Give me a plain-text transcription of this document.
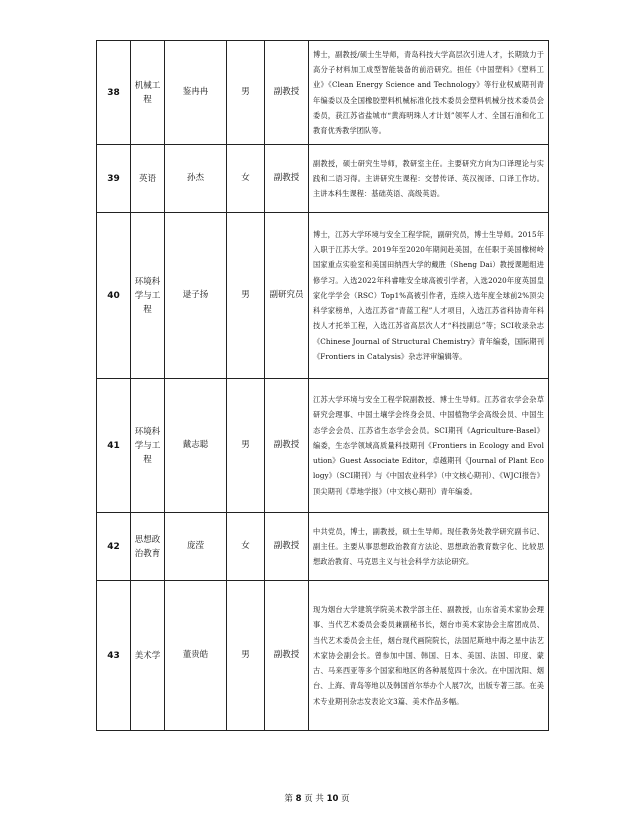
38	机械工程	鉴冉冉	男	副教授	博士，副教授/硕士生导师，青岛科技大学高层次引进人才，长期致力于高分子材料加工成型智能装备的前沿研究。担任《中国塑料》《塑料工业》《Clean Energy Science and Technology》等行业权威期刊青年编委以及全国橡胶塑料机械标准化技术委员会塑料机械分技术委员会委员，获江苏省盐城市“黄海明珠人才计划”领军人才、全国石油和化工教育优秀教学团队等。
39	英语	孙杰	女	副教授	副教授，硕士研究生导师，教研室主任。主要研究方向为口译理论与实践和二语习得。主讲研究生课程：交替传译、英汉视译、口译工作坊。主讲本科生课程：基础英语、高级英语。
40	环境科学与工程	逯子扬	男	副研究员	博士，江苏大学环境与安全工程学院，副研究员，博士生导师。2015年入职于江苏大学。2019年至2020年期间赴美国，在任职于美国橡树岭国家重点实验室和美国田纳西大学的戴胜（Sheng Dai）教授课题组进修学习。入选2022年科睿唯安全球高被引学者，入选2020年度英国皇家化学学会（RSC）Top1%高被引作者，连续入选年度全球前2%顶尖科学家榜单，入选江苏省“青蓝工程”人才项目，入选江苏省科协青年科技人才托举工程，入选江苏省高层次人才“科技副总”等；SCI收录杂志《Chinese Journal of Structural Chemistry》青年编委，国际期刊《Frontiers in Catalysis》杂志评审编辑等。
41	环境科学与工程	戴志聪	男	副教授	江苏大学环境与安全工程学院副教授、博士生导师。江苏省农学会杂草研究会理事、中国土壤学会终身会员、中国植物学会高级会员、中国生态学会会员、江苏省生态学会会员。SCI期刊《Agriculture-Basel》编委，生态学领域高质量科技期刊《Frontiers in Ecology and Evolution》Guest Associate Editor，卓越期刊《Journal of Plant Ecology》（SCI期刊）与《中国农业科学》（中文核心期刊）、《WJCI报告》顶尖期刊《草地学报》（中文核心期刊）青年编委。
42	思想政治教育	庞滢	女	副教授	中共党员，博士，副教授，硕士生导师。现任教务处教学研究副书记、副主任。主要从事思想政治教育方法论、思想政治教育数字化、比较思想政治教育、马克思主义与社会科学方法论研究。
43	美术学	董贵皓	男	副教授	现为烟台大学建筑学院美术教学部主任、副教授，山东省美术家协会理事、当代艺术委员会委员兼副秘书长，烟台市美术家协会主席团成员、当代艺术委员会主任，烟台现代画院院长，法国尼斯地中海之星中法艺术家协会副会长。曾参加中国、韩国、日本、美国、法国、印度、蒙古、马来西亚等多个国家和地区的各种展览四十余次。在中国沈阳、烟台、上海、青岛等地以及韩国首尔举办个人展7次，出版专著三部。在美术专业期刊杂志发表论文3篇、美术作品多幅。
第 8 页 共 10 页
